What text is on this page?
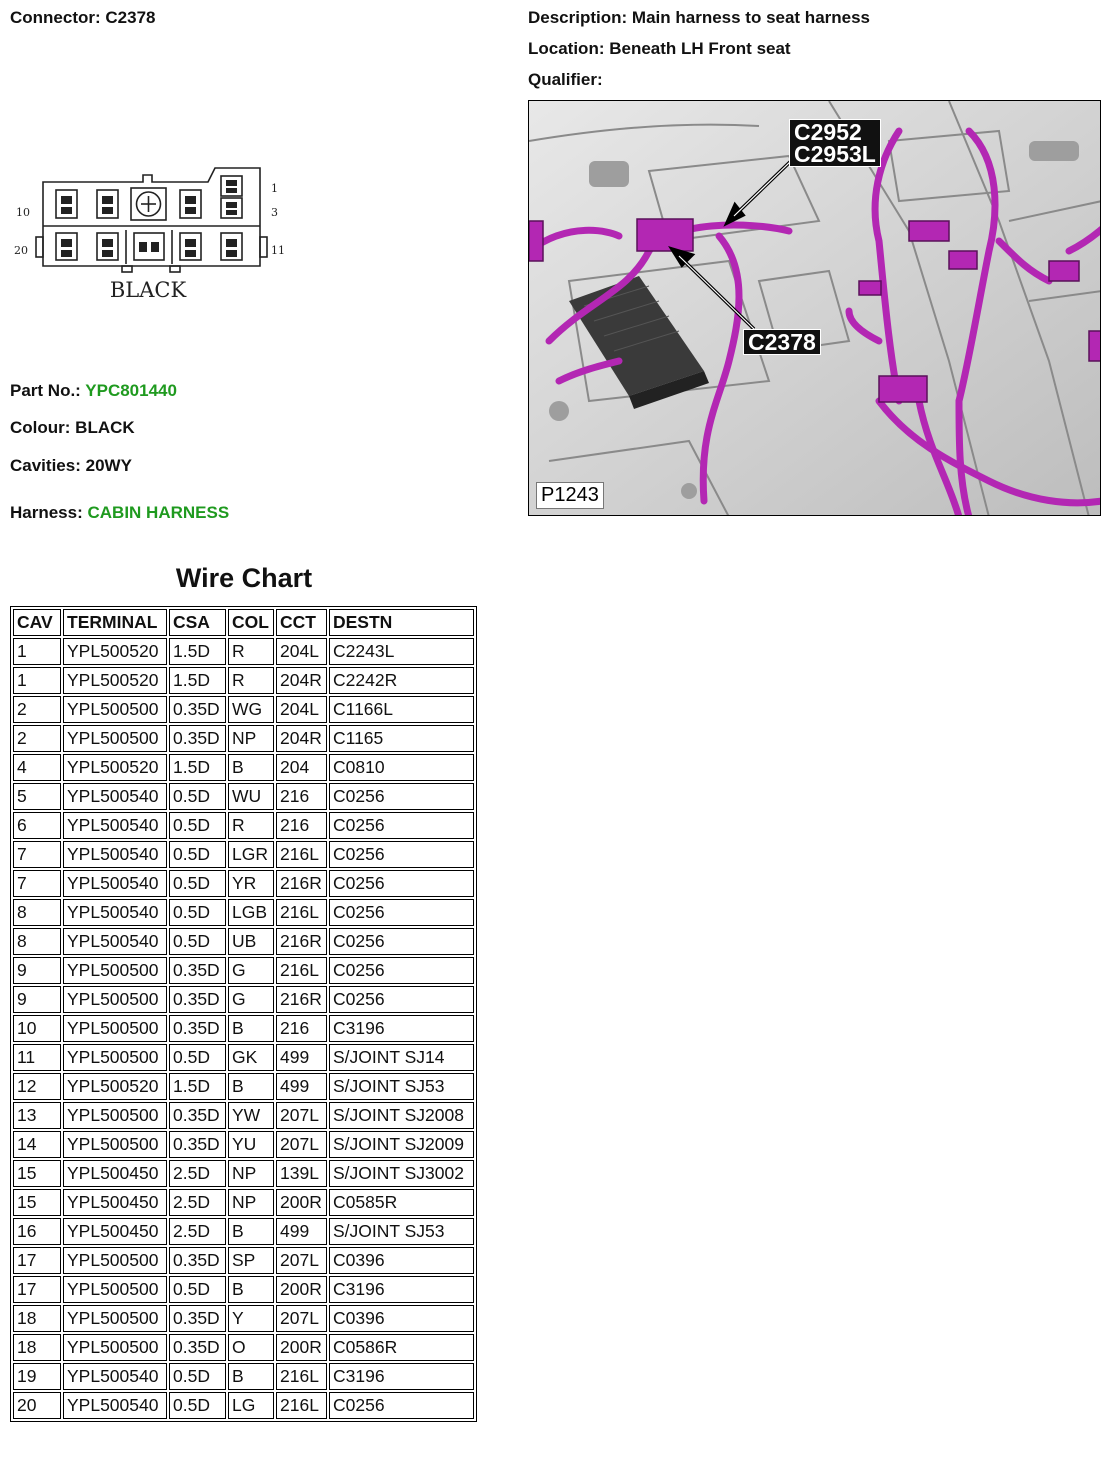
Connector: C2378	Description: Main harness to seat harness
Location: Beneath LH Front seat
Qualifier:
1
3
10
11
20
BLACK
Part No.: YPC801440
Colour: BLACK
Cavities: 20WY
Harness: CABIN HARNESS
C2952
C2953L
C2378
P1243
Wire Chart
CAV	TERMINAL	CSA	COL	CCT	DESTN
1	YPL500520	1.5D	R	204L	C2243L
1	YPL500520	1.5D	R	204R	C2242R
2	YPL500500	0.35D	WG	204L	C1166L
2	YPL500500	0.35D	NP	204R	C1165
4	YPL500520	1.5D	B	204	C0810
5	YPL500540	0.5D	WU	216	C0256
6	YPL500540	0.5D	R	216	C0256
7	YPL500540	0.5D	LGR	216L	C0256
7	YPL500540	0.5D	YR	216R	C0256
8	YPL500540	0.5D	LGB	216L	C0256
8	YPL500540	0.5D	UB	216R	C0256
9	YPL500500	0.35D	G	216L	C0256
9	YPL500500	0.35D	G	216R	C0256
10	YPL500500	0.35D	B	216	C3196
11	YPL500500	0.5D	GK	499	S/JOINT SJ14
12	YPL500520	1.5D	B	499	S/JOINT SJ53
13	YPL500500	0.35D	YW	207L	S/JOINT SJ2008
14	YPL500500	0.35D	YU	207L	S/JOINT SJ2009
15	YPL500450	2.5D	NP	139L	S/JOINT SJ3002
15	YPL500450	2.5D	NP	200R	C0585R
16	YPL500450	2.5D	B	499	S/JOINT SJ53
17	YPL500500	0.35D	SP	207L	C0396
17	YPL500500	0.5D	B	200R	C3196
18	YPL500500	0.35D	Y	207L	C0396
18	YPL500500	0.35D	O	200R	C0586R
19	YPL500540	0.5D	B	216L	C3196
20	YPL500540	0.5D	LG	216L	C0256
